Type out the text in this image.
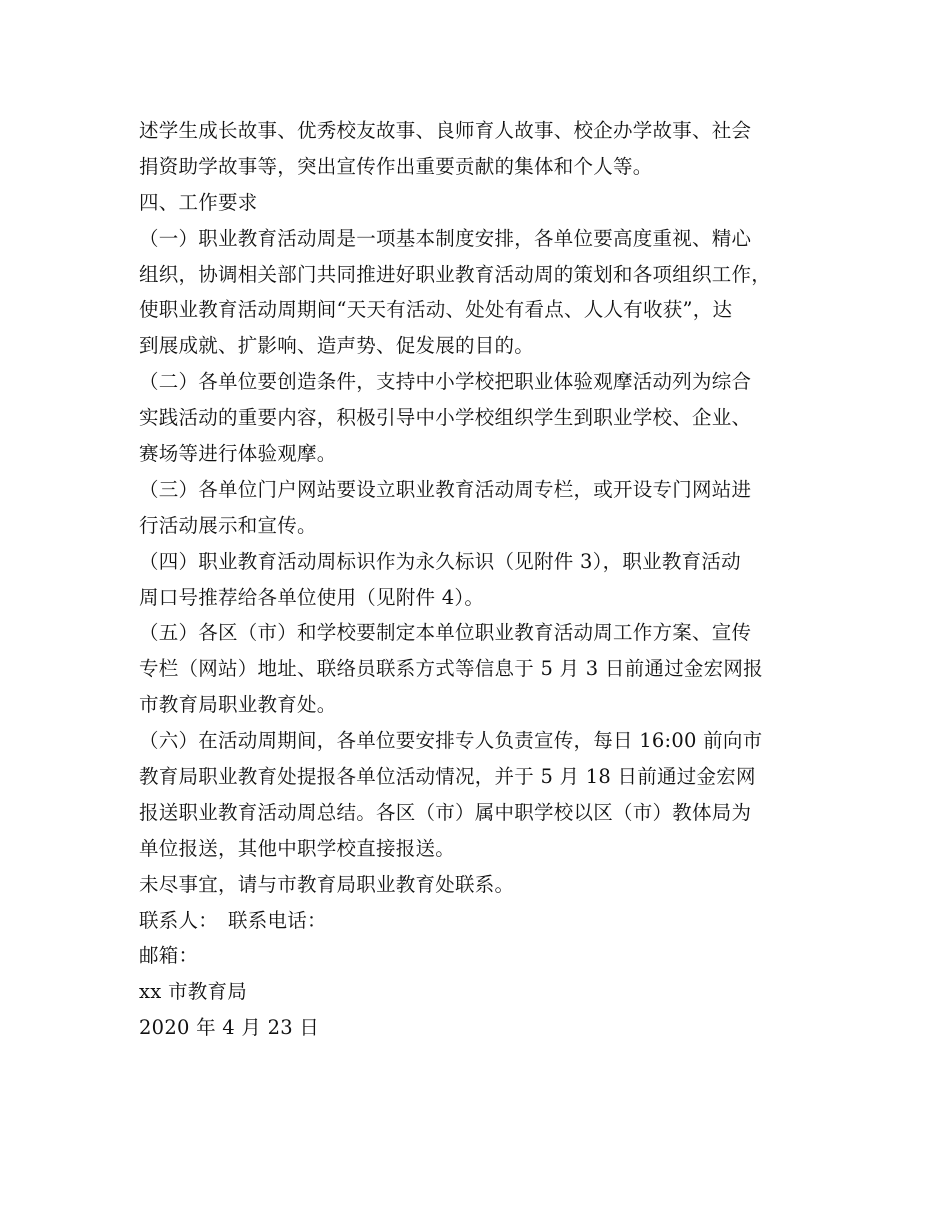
述学生成长故事、优秀校友故事、良师育人故事、校企办学故事、社会
捐资助学故事等，突出宣传作出重要贡献的集体和个人等。
四、工作要求
（一）职业教育活动周是一项基本制度安排，各单位要高度重视、精心
组织，协调相关部门共同推进好职业教育活动周的策划和各项组织工作，
使职业教育活动周期间“天天有活动、处处有看点、人人有收获”，达
到展成就、扩影响、造声势、促发展的目的。
（二）各单位要创造条件，支持中小学校把职业体验观摩活动列为综合
实践活动的重要内容，积极引导中小学校组织学生到职业学校、企业、
赛场等进行体验观摩。
（三）各单位门户网站要设立职业教育活动周专栏，或开设专门网站进
行活动展示和宣传。
（四）职业教育活动周标识作为永久标识（见附件 3），职业教育活动
周口号推荐给各单位使用（见附件 4）。
（五）各区（市）和学校要制定本单位职业教育活动周工作方案、宣传
专栏（网站）地址、联络员联系方式等信息于 5 月 3 日前通过金宏网报
市教育局职业教育处。
（六）在活动周期间，各单位要安排专人负责宣传，每日 16:00 前向市
教育局职业教育处提报各单位活动情况，并于 5 月 18 日前通过金宏网
报送职业教育活动周总结。各区（市）属中职学校以区（市）教体局为
单位报送，其他中职学校直接报送。
未尽事宜，请与市教育局职业教育处联系。
联系人：　联系电话：
邮箱：
xx 市教育局
2020 年 4 月 23 日
